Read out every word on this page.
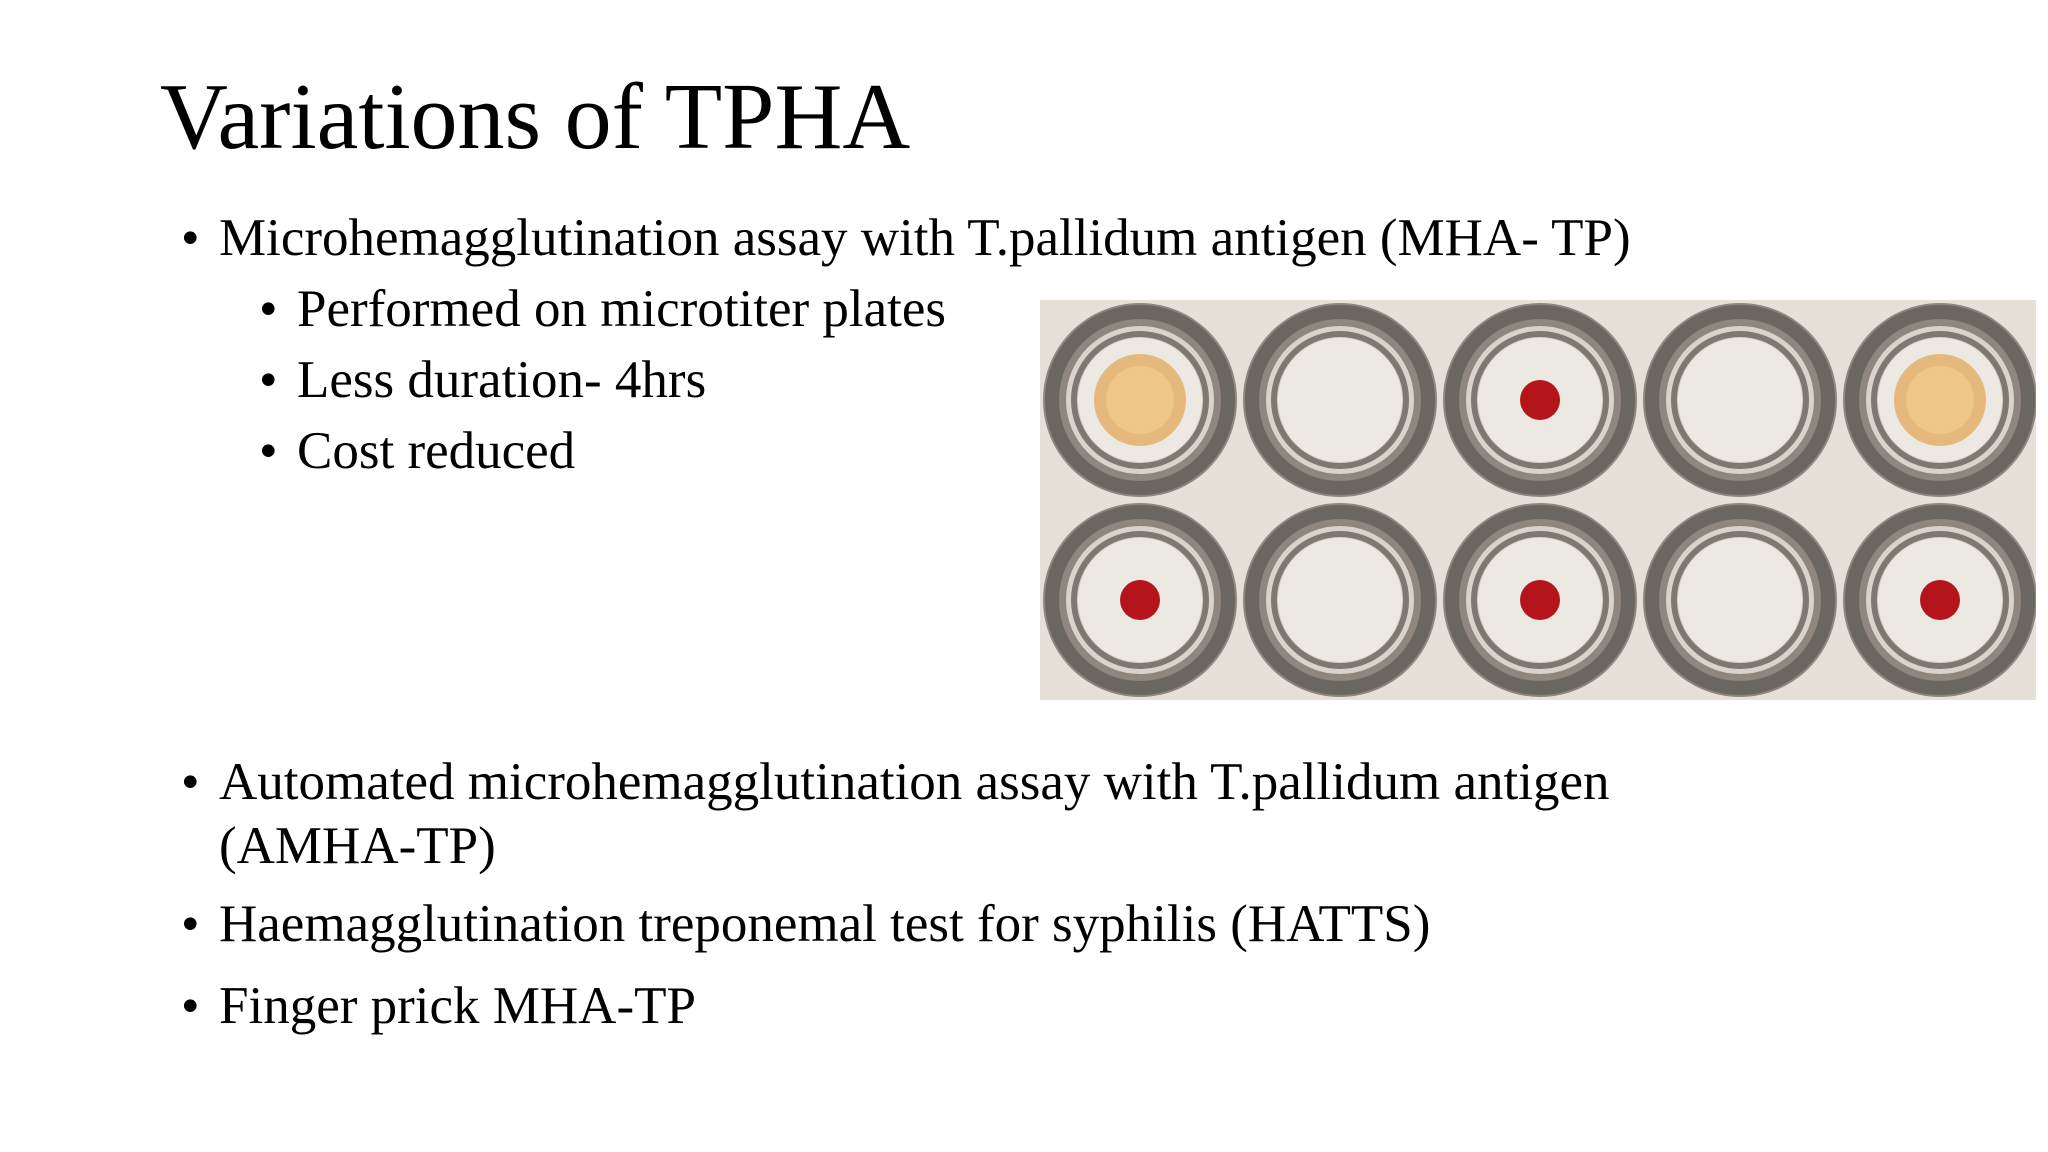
Variations of TPHA
• Microhemagglutination assay with T.pallidum antigen (MHA- TP)
• Performed on microtiter plates
• Less duration- 4hrs
• Cost reduced
• Automated microhemagglutination assay with T.pallidum antigen (AMHA-TP)
• Haemagglutination treponemal test for syphilis (HATTS)
• Finger prick MHA-TP
